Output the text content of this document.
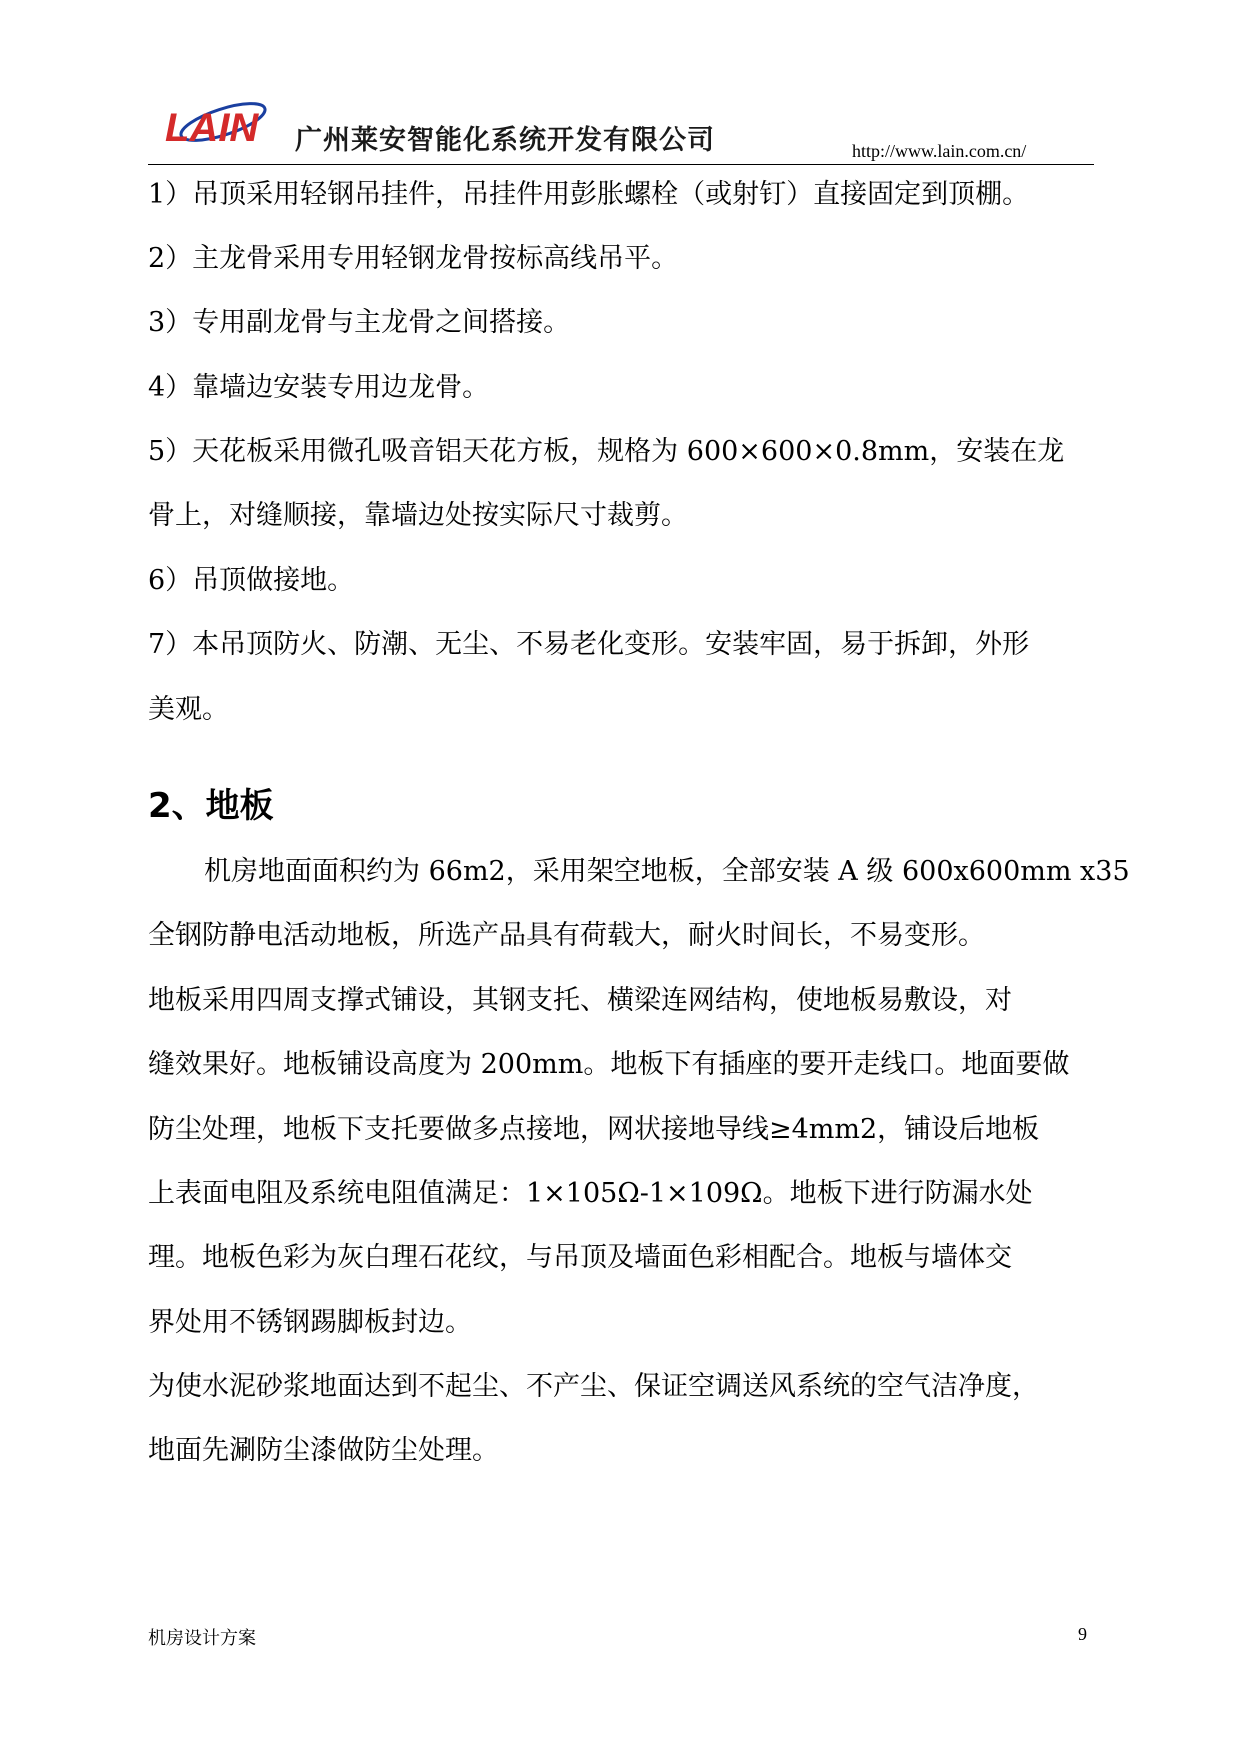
LAIN 广州莱安智能化系统开发有限公司	http://www.lain.com.cn/
1）吊顶采用轻钢吊挂件，吊挂件用彭胀螺栓（或射钉）直接固定到顶棚。
2）主龙骨采用专用轻钢龙骨按标高线吊平。
3）专用副龙骨与主龙骨之间搭接。
4）靠墙边安装专用边龙骨。
5）天花板采用微孔吸音铝天花方板，规格为 600×600×0.8mm，安装在龙
骨上，对缝顺接，靠墙边处按实际尺寸裁剪。
6）吊顶做接地。
7）本吊顶防火、防潮、无尘、不易老化变形。安装牢固，易于拆卸，外形
美观。
2、地板
机房地面面积约为 66m2，采用架空地板，全部安装 A 级 600x600mm x35
全钢防静电活动地板，所选产品具有荷载大，耐火时间长，不易变形。
地板采用四周支撑式铺设，其钢支托、横梁连网结构，使地板易敷设，对
缝效果好。地板铺设高度为 200mm。地板下有插座的要开走线口。地面要做
防尘处理，地板下支托要做多点接地，网状接地导线≥4mm2，铺设后地板
上表面电阻及系统电阻值满足：1×105Ω-1×109Ω。地板下进行防漏水处
理。地板色彩为灰白理石花纹，与吊顶及墙面色彩相配合。地板与墙体交
界处用不锈钢踢脚板封边。
为使水泥砂浆地面达到不起尘、不产尘、保证空调送风系统的空气洁净度，
地面先涮防尘漆做防尘处理。
机房设计方案	9
